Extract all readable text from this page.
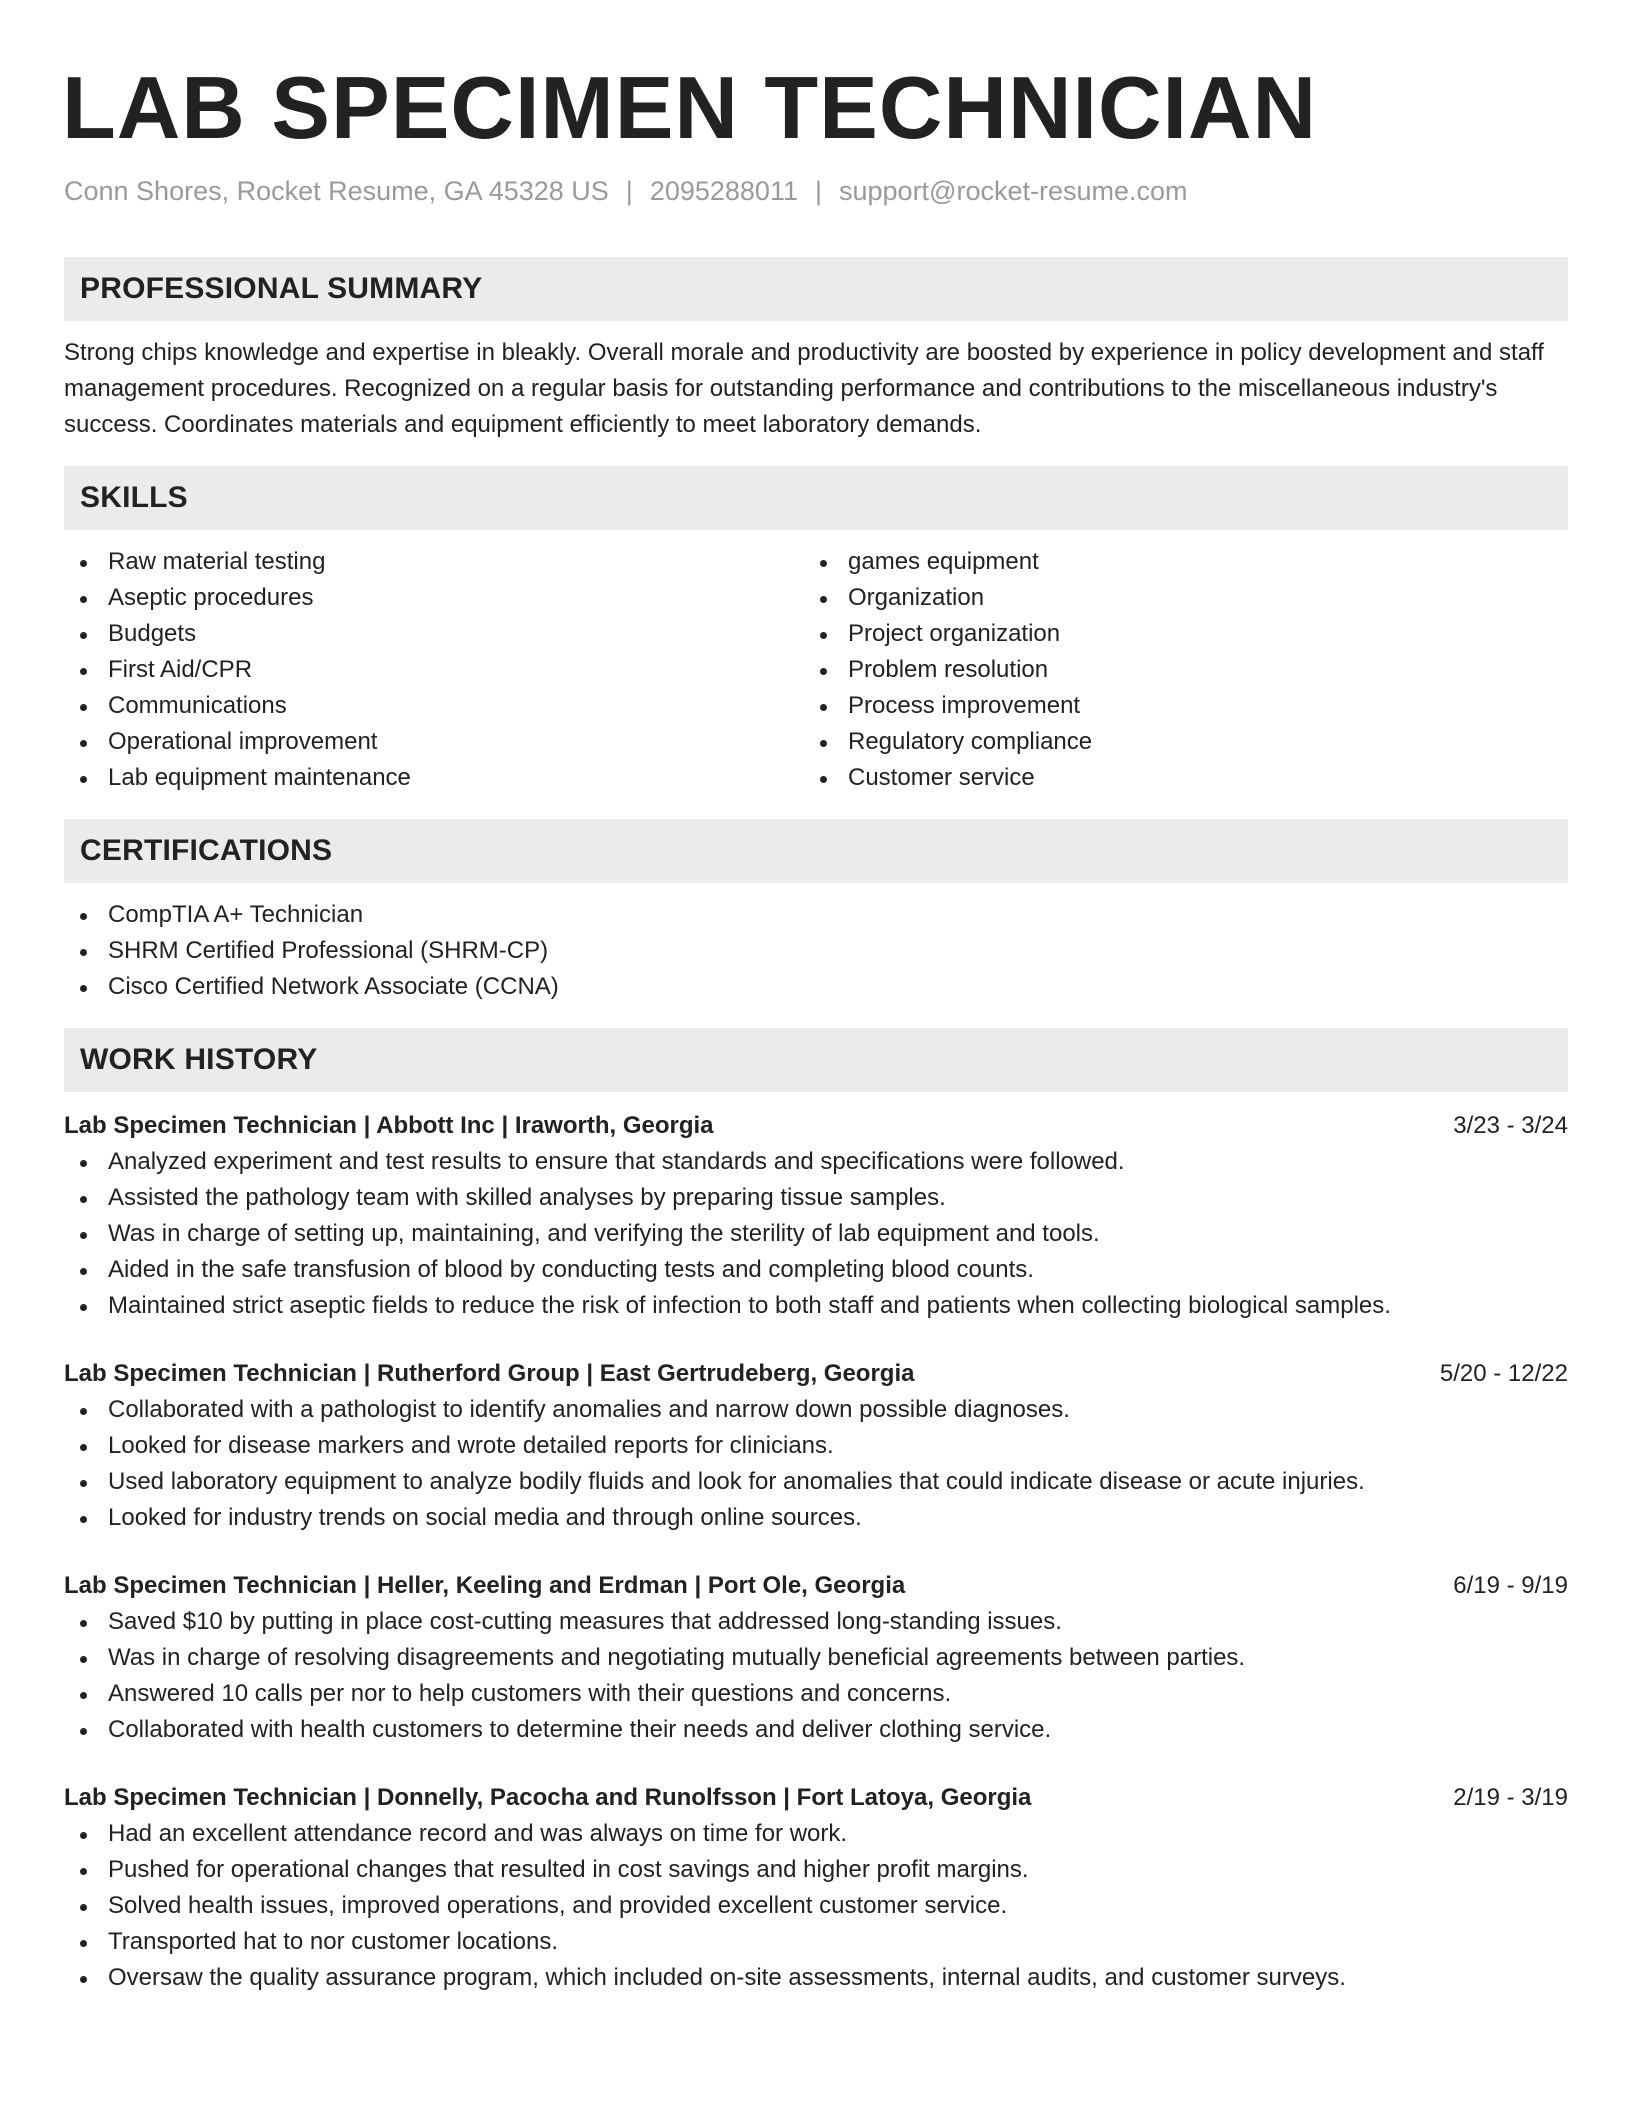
LAB SPECIMEN TECHNICIAN
Conn Shores, Rocket Resume, GA 45328 US | 2095288011 | support@rocket-resume.com
PROFESSIONAL SUMMARY

Strong chips knowledge and expertise in bleakly. Overall morale and productivity are boosted by experience in policy development and staff management procedures. Recognized on a regular basis for outstanding performance and contributions to the miscellaneous industry's success. Coordinates materials and equipment efficiently to meet laboratory demands.

SKILLS
Raw material testing
Aseptic procedures
Budgets
First Aid/CPR
Communications
Operational improvement
Lab equipment maintenance
games equipment
Organization
Project organization
Problem resolution
Process improvement
Regulatory compliance
Customer service
CERTIFICATIONS
CompTIA A+ Technician
SHRM Certified Professional (SHRM-CP)
Cisco Certified Network Associate (CCNA)
WORK HISTORY
Lab Specimen Technician | Abbott Inc | Iraworth, Georgia	3/23 - 3/24
Analyzed experiment and test results to ensure that standards and specifications were followed.
Assisted the pathology team with skilled analyses by preparing tissue samples.
Was in charge of setting up, maintaining, and verifying the sterility of lab equipment and tools.
Aided in the safe transfusion of blood by conducting tests and completing blood counts.
Maintained strict aseptic fields to reduce the risk of infection to both staff and patients when collecting biological samples.
Lab Specimen Technician | Rutherford Group | East Gertrudeberg, Georgia	5/20 - 12/22
Collaborated with a pathologist to identify anomalies and narrow down possible diagnoses.
Looked for disease markers and wrote detailed reports for clinicians.
Used laboratory equipment to analyze bodily fluids and look for anomalies that could indicate disease or acute injuries.
Looked for industry trends on social media and through online sources.
Lab Specimen Technician | Heller, Keeling and Erdman | Port Ole, Georgia	6/19 - 9/19
Saved $10 by putting in place cost-cutting measures that addressed long-standing issues.
Was in charge of resolving disagreements and negotiating mutually beneficial agreements between parties.
Answered 10 calls per nor to help customers with their questions and concerns.
Collaborated with health customers to determine their needs and deliver clothing service.
Lab Specimen Technician | Donnelly, Pacocha and Runolfsson | Fort Latoya, Georgia	2/19 - 3/19
Had an excellent attendance record and was always on time for work.
Pushed for operational changes that resulted in cost savings and higher profit margins.
Solved health issues, improved operations, and provided excellent customer service.
Transported hat to nor customer locations.
Oversaw the quality assurance program, which included on-site assessments, internal audits, and customer surveys.
